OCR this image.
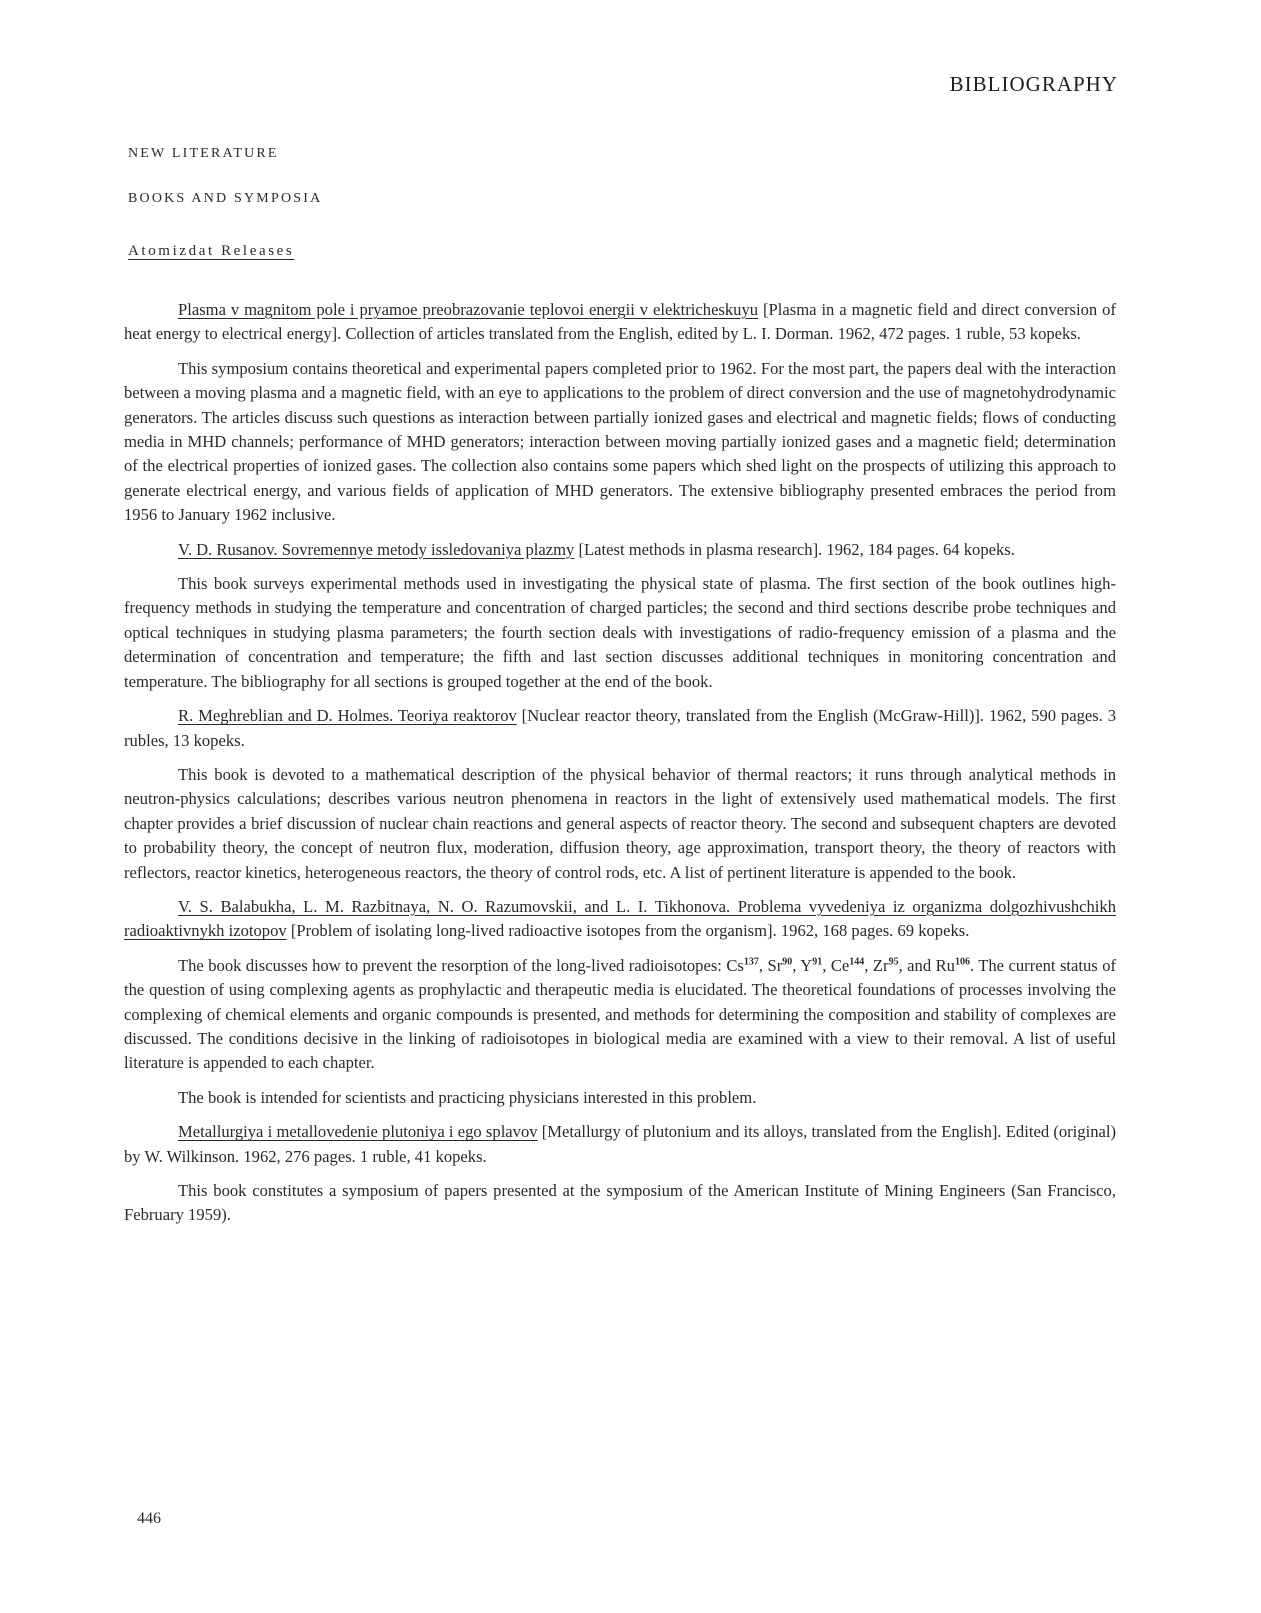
BIBLIOGRAPHY
NEW LITERATURE
BOOKS AND SYMPOSIA
Atomizdat Releases

Plasma v magnitom pole i pryamoe preobrazovanie teplovoi energii v elektricheskuyu [Plasma in a magnetic field and direct conversion of heat energy to electrical energy]. Collection of articles translated from the English, edited by L. I. Dorman. 1962, 472 pages. 1 ruble, 53 kopeks.

This symposium contains theoretical and experimental papers completed prior to 1962. For the most part, the papers deal with the interaction between a moving plasma and a magnetic field, with an eye to applications to the problem of direct conversion and the use of magnetohydrodynamic generators. The articles discuss such questions as interaction between partially ionized gases and electrical and magnetic fields; flows of conducting media in MHD channels; performance of MHD generators; interaction between moving partially ionized gases and a magnetic field; determination of the electrical properties of ionized gases. The collection also contains some papers which shed light on the prospects of utilizing this approach to generate electrical energy, and various fields of application of MHD generators. The extensive bibliography presented embraces the period from 1956 to January 1962 inclusive.

V. D. Rusanov. Sovremennye metody issledovaniya plazmy [Latest methods in plasma research]. 1962, 184 pages. 64 kopeks.

This book surveys experimental methods used in investigating the physical state of plasma. The first section of the book outlines high-frequency methods in studying the temperature and concentration of charged particles; the second and third sections describe probe techniques and optical techniques in studying plasma parameters; the fourth section deals with investigations of radio-frequency emission of a plasma and the determination of concentration and temperature; the fifth and last section discusses additional techniques in monitoring concentration and temperature. The bibliography for all sections is grouped together at the end of the book.

R. Meghreblian and D. Holmes. Teoriya reaktorov [Nuclear reactor theory, translated from the English (McGraw-Hill)]. 1962, 590 pages. 3 rubles, 13 kopeks.

This book is devoted to a mathematical description of the physical behavior of thermal reactors; it runs through analytical methods in neutron-physics calculations; describes various neutron phenomena in reactors in the light of extensively used mathematical models. The first chapter provides a brief discussion of nuclear chain reactions and general aspects of reactor theory. The second and subsequent chapters are devoted to probability theory, the concept of neutron flux, moderation, diffusion theory, age approximation, transport theory, the theory of reactors with reflectors, reactor kinetics, heterogeneous reactors, the theory of control rods, etc. A list of pertinent literature is appended to the book.

V. S. Balabukha, L. M. Razbitnaya, N. O. Razumovskii, and L. I. Tikhonova. Problema vyvedeniya iz organizma dolgozhivushchikh radioaktivnykh izotopov [Problem of isolating long-lived radioactive isotopes from the organism]. 1962, 168 pages. 69 kopeks.

The book discusses how to prevent the resorption of the long-lived radioisotopes: Cs$^{137}$, Sr$^{90}$, $Y^{91}$, Ce$^{144}$, Zr$^{95}$, and Ru$^{106}$. The current status of the question of using complexing agents as prophylactic and therapeutic media is elucidated. The theoretical foundations of processes involving the complexing of chemical elements and organic compounds is presented, and methods for determining the composition and stability of complexes are discussed. The conditions decisive in the linking of radioisotopes in biological media are examined with a view to their removal. A list of useful literature is appended to each chapter.

The book is intended for scientists and practicing physicians interested in this problem.

Metallurgiya i metallovedenie plutoniya i ego splavov [Metallurgy of plutonium and its alloys, translated from the English]. Edited (original) by W. Wilkinson. 1962, 276 pages. 1 ruble, 41 kopeks.

This book constitutes a symposium of papers presented at the symposium of the American Institute of Mining Engineers (San Francisco, February 1959).

446
